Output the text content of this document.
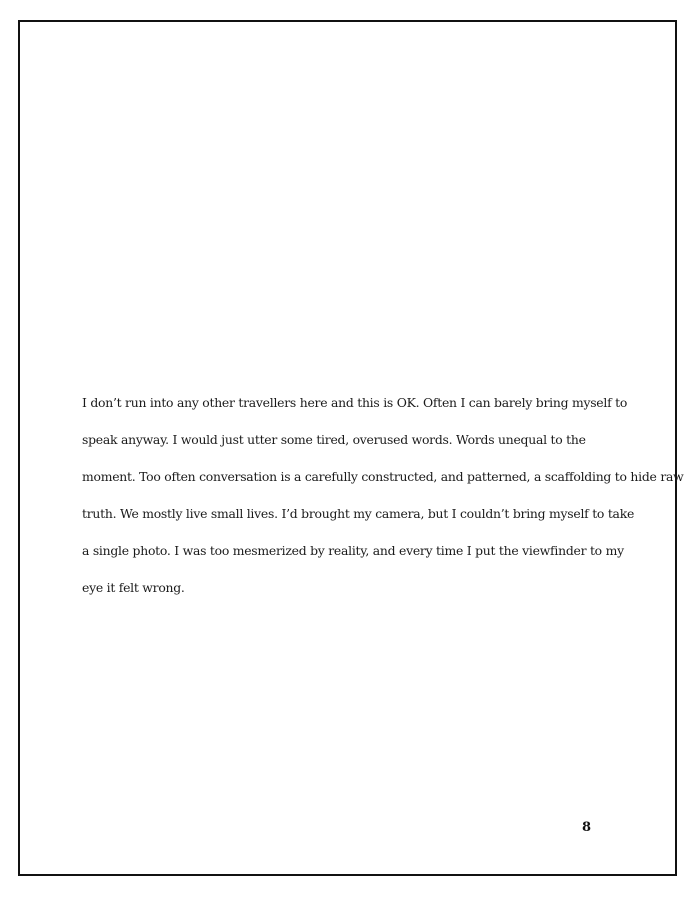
I don’t run into any other travellers here and this is OK. Often I can barely bring myself to
speak anyway. I would just utter some tired, overused words. Words unequal to the
moment. Too often conversation is a carefully constructed, and patterned, a scaffolding to hide raw
truth. We mostly live small lives. I’d brought my camera, but I couldn’t bring myself to take
a single photo. I was too mesmerized by reality, and every time I put the viewfinder to my
eye it felt wrong.
8
